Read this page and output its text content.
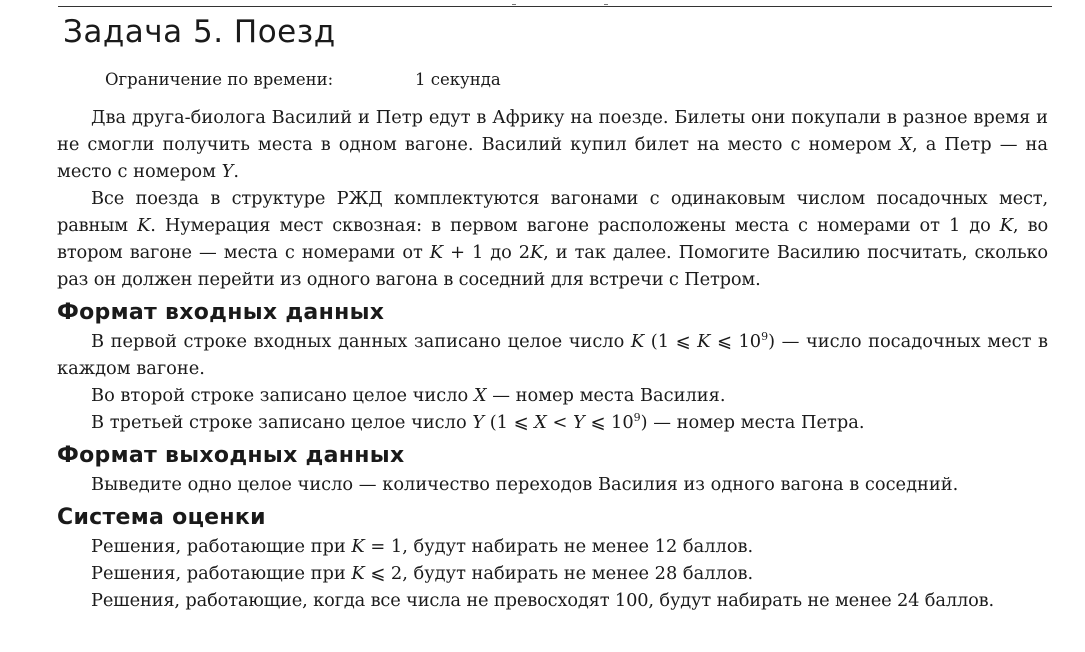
Задача 5. Поезд
Ограничение по времени:	1 секунда

Два друга-биолога Василий и Петр едут в Африку на поезде. Билеты они покупали в разное время и не смогли получить места в одном вагоне. Василий купил билет на место с номером X, а Петр — на место с номером Y.

Все поезда в структуре РЖД комплектуются вагонами с одинаковым числом посадочных мест, равным K. Нумерация мест сквозная: в первом вагоне расположены места с номерами от 1 до K, во втором вагоне — места с номерами от K + 1 до 2K, и так далее. Помогите Василию посчитать, сколько раз он должен перейти из одного вагона в соседний для встречи с Петром.

Формат входных данных

В первой строке входных данных записано целое число K (1 ⩽ K ⩽ $10^9$) — число посадочных мест в каждом вагоне.

Во второй строке записано целое число X — номер места Василия.

В третьей строке записано целое число Y (1 ⩽ X < Y ⩽ $10^9$) — номер места Петра.

Формат выходных данных

Выведите одно целое число — количество переходов Василия из одного вагона в соседний.

Система оценки

Решения, работающие при K = 1, будут набирать не менее 12 баллов.

Решения, работающие при K ⩽ 2, будут набирать не менее 28 баллов.

Решения, работающие, когда все числа не превосходят 100, будут набирать не менее 24 баллов.
